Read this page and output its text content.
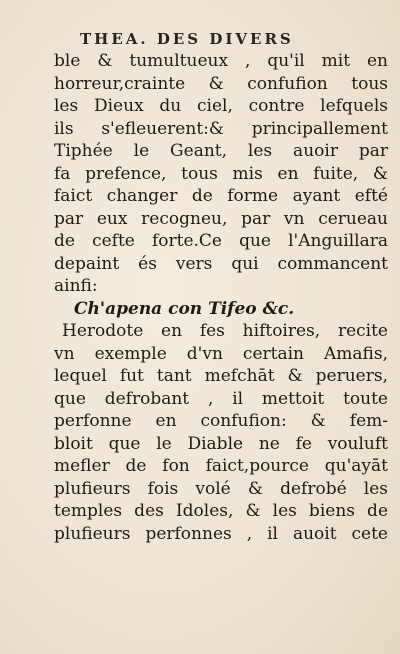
THEA. DES DIVERS
ble & tumultueux , qu'il mit en
horreur,crainte & confufion tous
les Dieux du ciel, contre lefquels
ils s'efleuerent:& principallement
Tiphée le Geant, les auoir par
fa prefence, tous mis en fuite, &
faict changer de forme ayant efté
par eux recogneu, par vn cerueau
de cefte forte.Ce que l'Anguillara
depaint és vers qui commancent
ainfi:
Ch'apena con Tifeo &c.
Herodote en fes hiftoires, recite
vn exemple d'vn certain Amafis,
lequel fut tant mefchāt & peruers,
que defrobant , il mettoit toute
perfonne en confufion: & fem-
bloit que le Diable ne fe vouluft
mefler de fon faict,pource qu'ayāt
plufieurs fois volé & defrobé les
temples des Idoles, & les biens de
plufieurs perfonnes , il auoit cete
